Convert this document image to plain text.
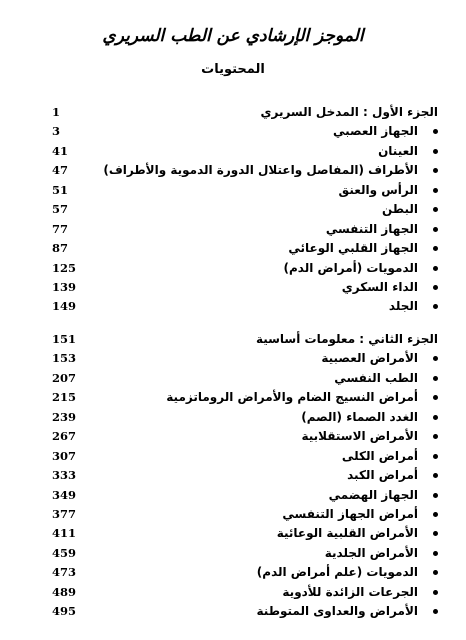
الموجز الإرشادي عن الطب السريري
المحتويات
1	الجزء الأول : المدخل السريري
3	الجهاز العصبي
41	العينان
47	الأطراف (المفاصل واعتلال الدورة الدموية والأطراف)
51	الرأس والعنق
57	البطن
77	الجهاز التنفسي
87	الجهاز القلبي الوعائي
125	الدمويات (أمراض الدم)
139	الداء السكري
149	الجلد
151	الجزء الثاني : معلومات أساسية
153	الأمراض العصبية
207	الطب النفسي
215	أمراض النسيج الضام والأمراض الروماتزمية
239	الغدد الصماء (الصم)
267	الأمراض الاستقلابية
307	أمراض الكلى
333	أمراض الكبد
349	الجهاز الهضمي
377	أمراض الجهاز التنفسي
411	الأمراض القلبية الوعائية
459	الأمراض الجلدية
473	الدمويات (علم أمراض الدم)
489	الجرعات الزائدة للأدوية
495	الأمراض والعداوى المتوطنة
